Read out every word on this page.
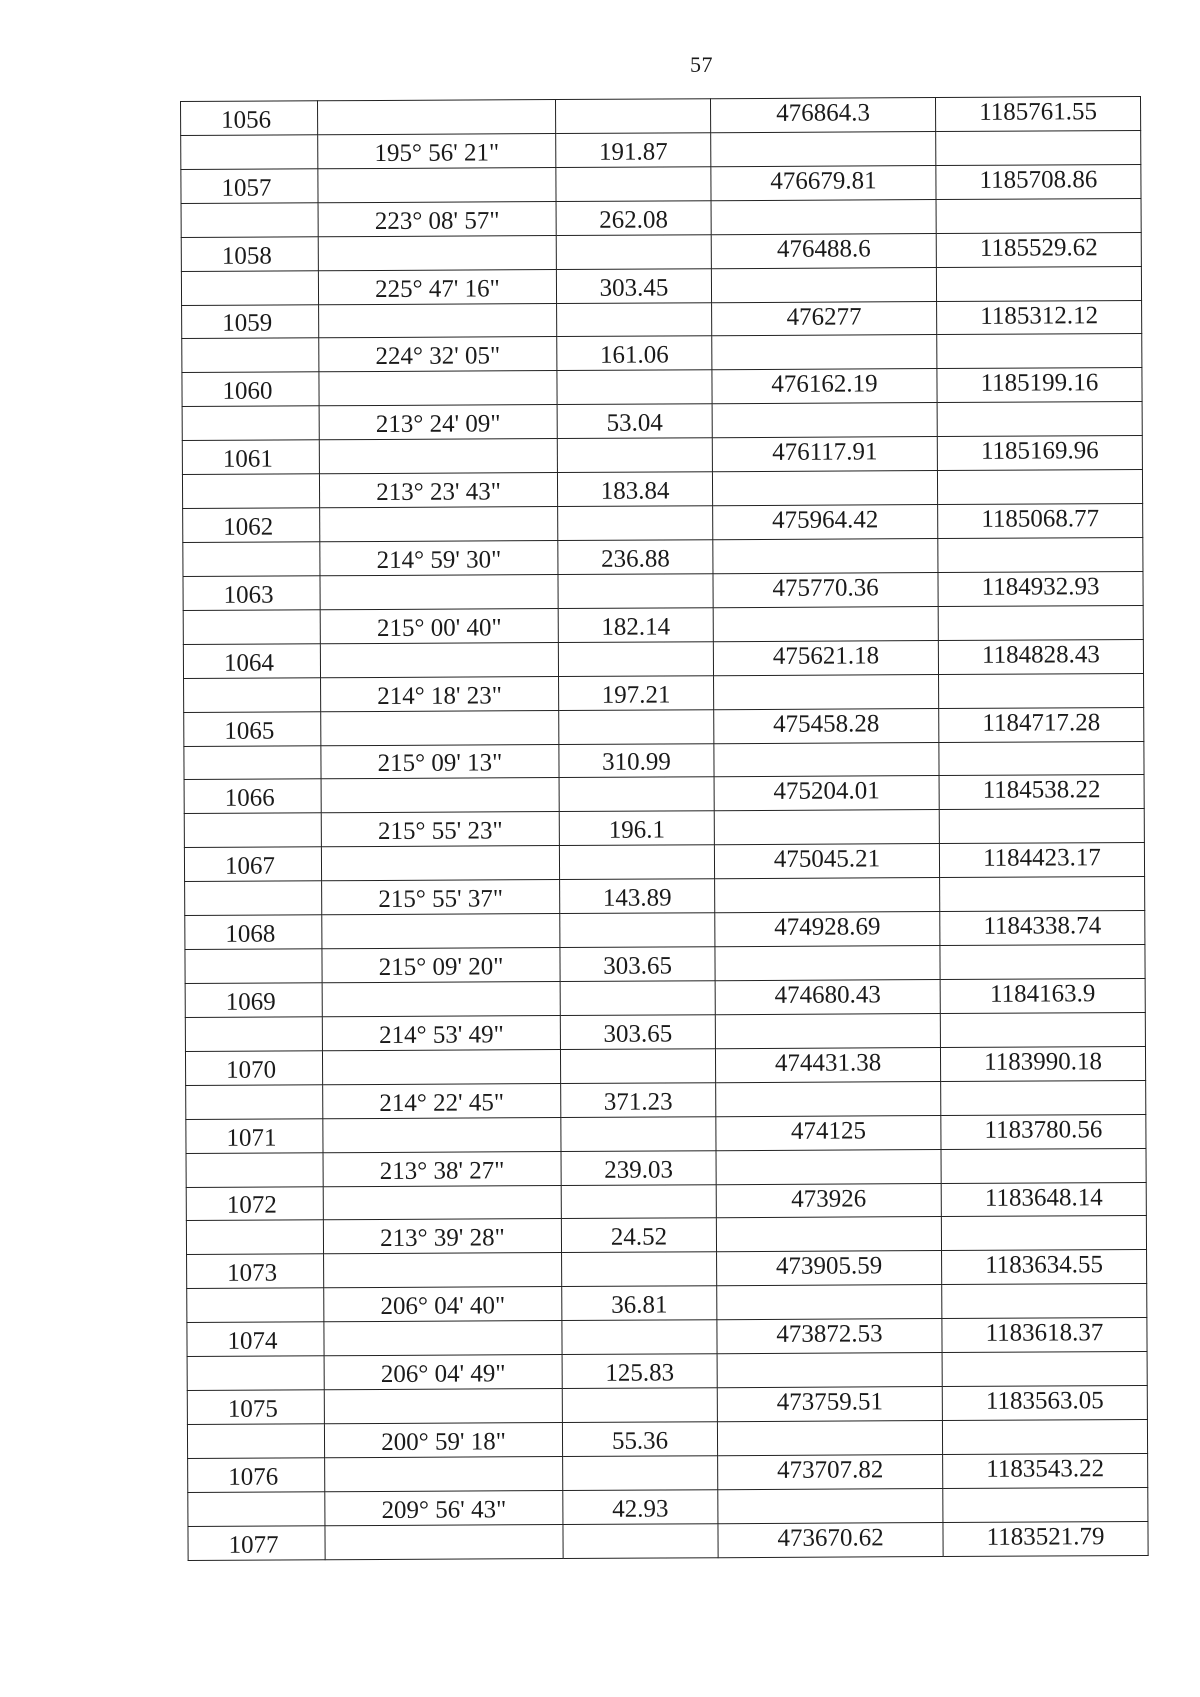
57
1056			476864.3	1185761.55
	195° 56' 21"	191.87		
1057			476679.81	1185708.86
	223° 08' 57"	262.08		
1058			476488.6	1185529.62
	225° 47' 16"	303.45		
1059			476277	1185312.12
	224° 32' 05"	161.06		
1060			476162.19	1185199.16
	213° 24' 09"	53.04		
1061			476117.91	1185169.96
	213° 23' 43"	183.84		
1062			475964.42	1185068.77
	214° 59' 30"	236.88		
1063			475770.36	1184932.93
	215° 00' 40"	182.14		
1064			475621.18	1184828.43
	214° 18' 23"	197.21		
1065			475458.28	1184717.28
	215° 09' 13"	310.99		
1066			475204.01	1184538.22
	215° 55' 23"	196.1		
1067			475045.21	1184423.17
	215° 55' 37"	143.89		
1068			474928.69	1184338.74
	215° 09' 20"	303.65		
1069			474680.43	1184163.9
	214° 53' 49"	303.65		
1070			474431.38	1183990.18
	214° 22' 45"	371.23		
1071			474125	1183780.56
	213° 38' 27"	239.03		
1072			473926	1183648.14
	213° 39' 28"	24.52		
1073			473905.59	1183634.55
	206° 04' 40"	36.81		
1074			473872.53	1183618.37
	206° 04' 49"	125.83		
1075			473759.51	1183563.05
	200° 59' 18"	55.36		
1076			473707.82	1183543.22
	209° 56' 43"	42.93		
1077			473670.62	1183521.79
